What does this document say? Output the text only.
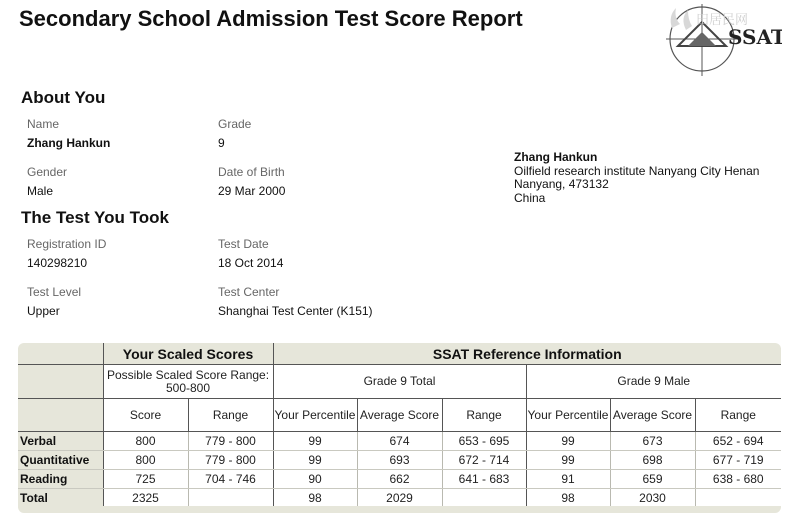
Secondary School Admission Test Score Report
SSAT
田居民网
About You
Name
Zhang Hankun
Grade
9
Gender
Male
Date of Birth
29 Mar 2000
Zhang Hankun
Oilfield research institute Nanyang City Henan
Nanyang, 473132
China
The Test You Took
Registration ID
140298210
Test Date
18 Oct 2014
Test Level
Upper
Test Center
Shanghai Test Center (K151)
	Your Scaled Scores		SSAT Reference Information					
	Possible Scaled Score Range: 500-800		Grade 9 Total			Grade 9 Male		
	Score	Range	Your Percentile	Average Score	Range	Your Percentile	Average Score	Range
Verbal	800	779 - 800	99	674	653 - 695	99	673	652 - 694
Quantitative	800	779 - 800	99	693	672 - 714	99	698	677 - 719
Reading	725	704 - 746	90	662	641 - 683	91	659	638 - 680
Total	2325		98	2029		98	2030	
